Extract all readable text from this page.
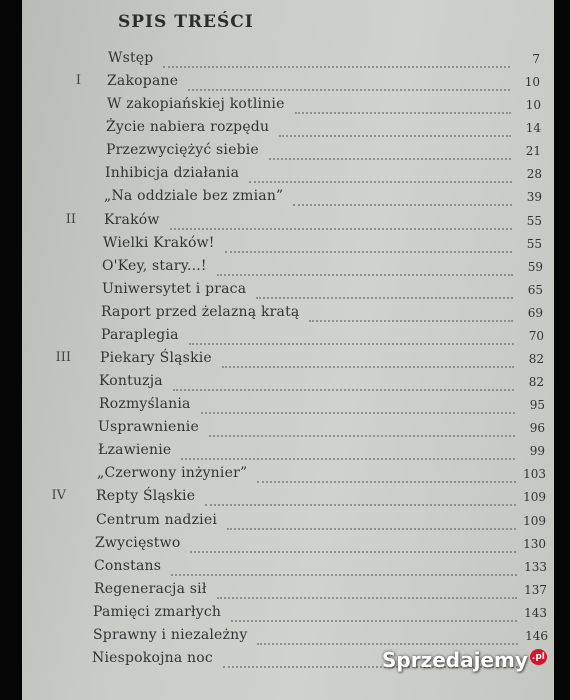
SPIS TREŚCI
Wstęp	7
I Zakopane	10
W zakopiańskiej kotlinie	10
Życie nabiera rozpędu	14
Przezwyciężyć siebie	21
Inhibicja działania	28
„Na oddziale bez zmian”	39
II Kraków	55
Wielki Kraków!	55
O'Key, stary...!	59
Uniwersytet i praca	65
Raport przed żelazną kratą	69
Paraplegia	70
III Piekary Śląskie	82
Kontuzja	82
Rozmyślania	95
Usprawnienie	96
Łzawienie	99
„Czerwony inżynier”	103
IV Repty Śląskie	109
Centrum nadziei	109
Zwycięstwo	130
Constans	133
Regeneracja sił	137
Pamięci zmarłych	143
Sprawny i niezależny	146
Niespokojna noc	Sprzedajemy $^{.pl}$
